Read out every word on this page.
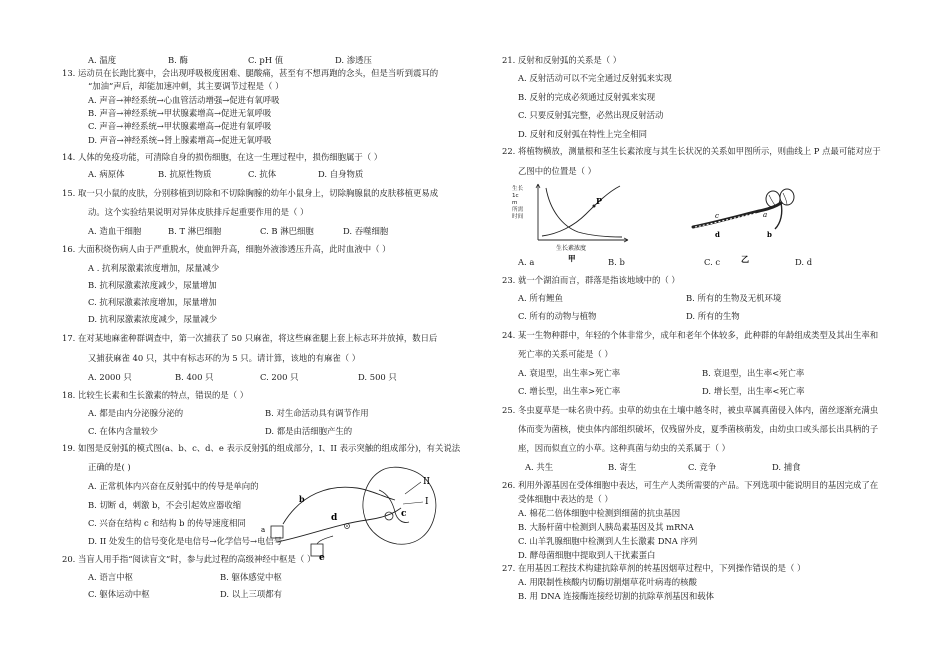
A. 温度	B. 酶	C. pH 值	D. 渗透压
13. 运动员在长跑比赛中，会出现呼吸极度困难、腿酸痛，甚至有不想再跑的念头，但是当听到震耳的
“加油”声后，却能加速冲刺，其主要调节过程是（ ）
A. 声音→神经系统→心血管活动增强→促进有氧呼吸
B. 声音→神经系统→甲状腺素增高→促进无氧呼吸
C. 声音→神经系统→甲状腺素增高→促进有氧呼吸
D. 声音→神经系统→肾上腺素增高→促进无氧呼吸
14. 人体的免疫功能，可清除自身的损伤细胞，在这一生理过程中，损伤细胞属于（ ）
A. 病原体	B. 抗原性物质	C. 抗体	D. 自身物质
15. 取一只小鼠的皮肤，分别移植到切除和不切除胸腺的幼年小鼠身上，切除胸腺鼠的皮肤移植更易成
动。这个实验结果说明对异体皮肤排斥起重要作用的是（ ）
A. 造血干细胞	B. T 淋巴细胞	C. B 淋巴细胞	D. 吞噬细胞
16. 大面积烧伤病人由于严重脱水，使血钾升高，细胞外液渗透压升高，此时血液中（ ）
A . 抗利尿激素浓度增加，尿量减少
B. 抗利尿激素浓度减少，尿量增加
C. 抗利尿激素浓度增加，尿量增加
D. 抗利尿激素浓度减少，尿量减少
17. 在对某地麻雀种群调查中，第一次捕获了 50 只麻雀，将这些麻雀腿上套上标志环并放掉，数日后
又捕获麻雀 40 只，其中有标志环的为 5 只。请计算，该地的有麻雀（ ）
A. 2000 只	B. 400 只	C. 200 只	D. 500 只
18. 比较生长素和生长激素的特点，错误的是（ ）
A. 都是由内分泌腺分泌的	B. 对生命活动具有调节作用
C. 在体内含量较少	D. 都是由活细胞产生的
19. 如图是反射弧的模式图(a、b、c、d、e 表示反射弧的组成部分，I、II 表示突触的组成部分)，有关说法
正确的是( )
A. 正常机体内兴奋在反射弧中的传导是单向的
B. 切断 d，刺激 b，不会引起效应器收缩
C. 兴奋在结构 c 和结构 b 的传导速度相同
D. II 处发生的信号变化是电信号→化学信号→电信号
a
b
c
d
e
I
II
20. 当盲人用手指“阅读盲文”时，参与此过程的高级神经中枢是（ ）
A. 语言中枢	B. 躯体感觉中枢
C. 躯体运动中枢	D. 以上三项都有
21. 反射和反射弧的关系是（ ）
A. 反射活动可以不完全通过反射弧来实现
B. 反射的完成必须通过反射弧来实现
C. 只要反射弧完整，必然出现反射活动
D. 反射和反射弧在特性上完全相同
22. 将植物横放，测量根和茎生长素浓度与其生长状况的关系如甲图所示，则曲线上 P 点最可能对应于
乙图中的位置是（ ）
P
生长素浓度
甲
生长 1cm 所需时间	c
d
a
b
乙
A. a	B. b	C. c	D. d
23. 就一个湖泊而言，群落是指该地域中的（ ）
A. 所有鲤鱼	B. 所有的生物及无机环境
C. 所有的动物与植物	D. 所有的生物
24. 某一生物种群中，年轻的个体非常少，成年和老年个体较多，此种群的年龄组成类型及其出生率和
死亡率的关系可能是（ ）
A. 衰退型，出生率>死亡率	B. 衰退型，出生率<死亡率
C. 增长型，出生率>死亡率	D. 增长型，出生率<死亡率
25. 冬虫夏草是一味名贵中药。虫草的幼虫在土壤中越冬时，被虫草属真菌侵入体内，菌丝逐渐充满虫
体而变为菌核，使虫体内部组织破坏，仅残留外皮，夏季菌核萌发，由幼虫口或头部长出具柄的子
座，因而似直立的小草。这种真菌与幼虫的关系属于（ ）
A. 共生	B. 寄生	C. 竞争	D. 捕食
26. 利用外源基因在受体细胞中表达，可生产人类所需要的产品。下列选项中能说明目的基因完成了在
受体细胞中表达的是（ ）
A. 棉花二倍体细胞中检测到细菌的抗虫基因
B. 大肠杆菌中检测到人胰岛素基因及其 mRNA
C. 山羊乳腺细胞中检测到人生长激素 DNA 序列
D. 酵母菌细胞中提取到人干扰素蛋白
27. 在用基因工程技术构建抗除草剂的转基因烟草过程中，下列操作错误的是（ ）
A. 用限制性核酸内切酶切割烟草花叶病毒的核酸
B. 用 DNA 连接酶连接经切割的抗除草剂基因和载体
